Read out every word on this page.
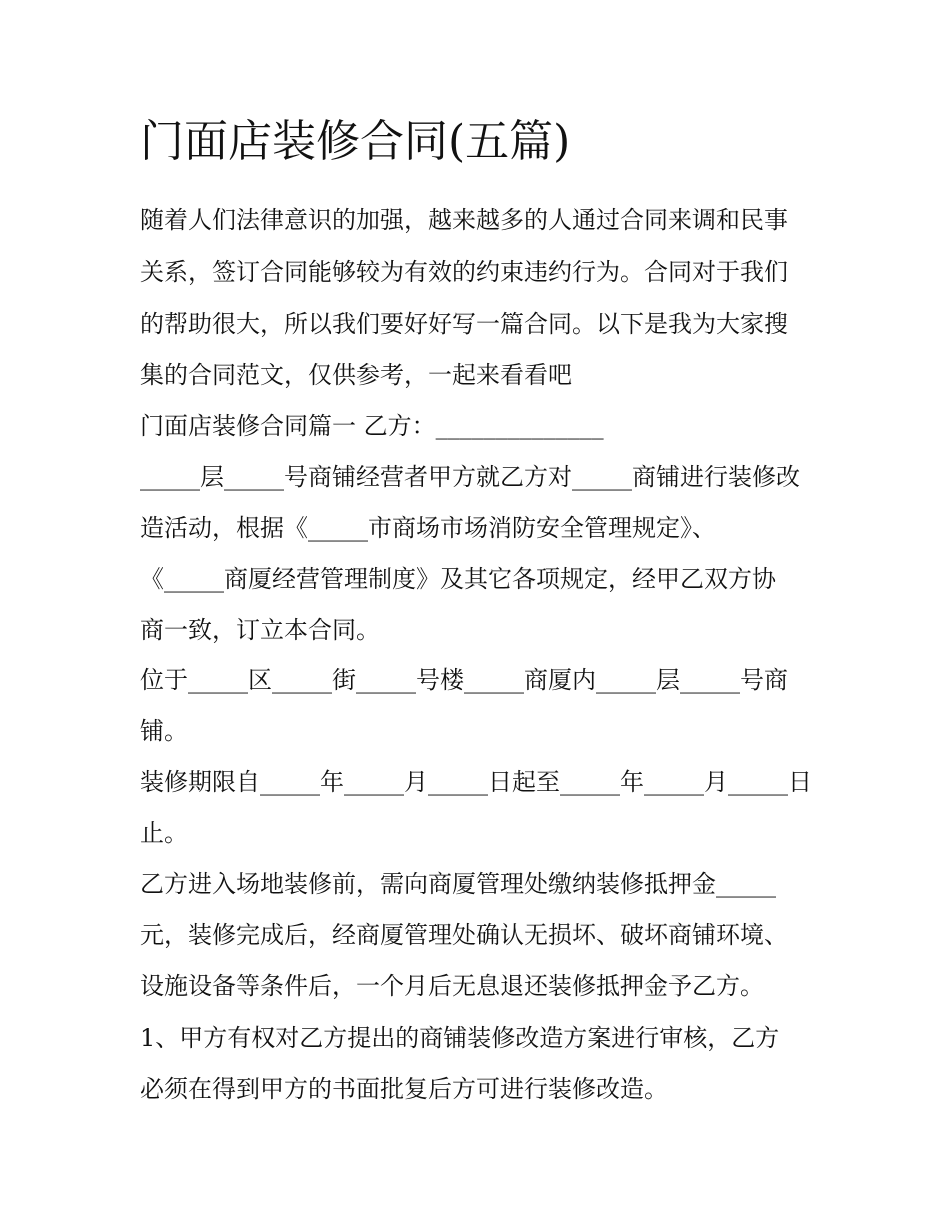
门面店装修合同(五篇)

随着人们法律意识的加强，越来越多的人通过合同来调和民事

关系，签订合同能够较为有效的约束违约行为。合同对于我们

的帮助很大，所以我们要好好写一篇合同。以下是我为大家搜

集的合同范文，仅供参考，一起来看看吧

门面店装修合同篇一 乙方：______________

_____层_____号商铺经营者甲方就乙方对_____商铺进行装修改

造活动，根据《_____市商场市场消防安全管理规定》、

《_____商厦经营管理制度》及其它各项规定，经甲乙双方协

商一致，订立本合同。

位于_____区_____街_____号楼_____商厦内_____层_____号商

铺。

装修期限自_____年_____月_____日起至_____年_____月_____日

止。

乙方进入场地装修前，需向商厦管理处缴纳装修抵押金_____

元，装修完成后，经商厦管理处确认无损坏、破坏商铺环境、

设施设备等条件后，一个月后无息退还装修抵押金予乙方。

1、甲方有权对乙方提出的商铺装修改造方案进行审核，乙方

必须在得到甲方的书面批复后方可进行装修改造。
